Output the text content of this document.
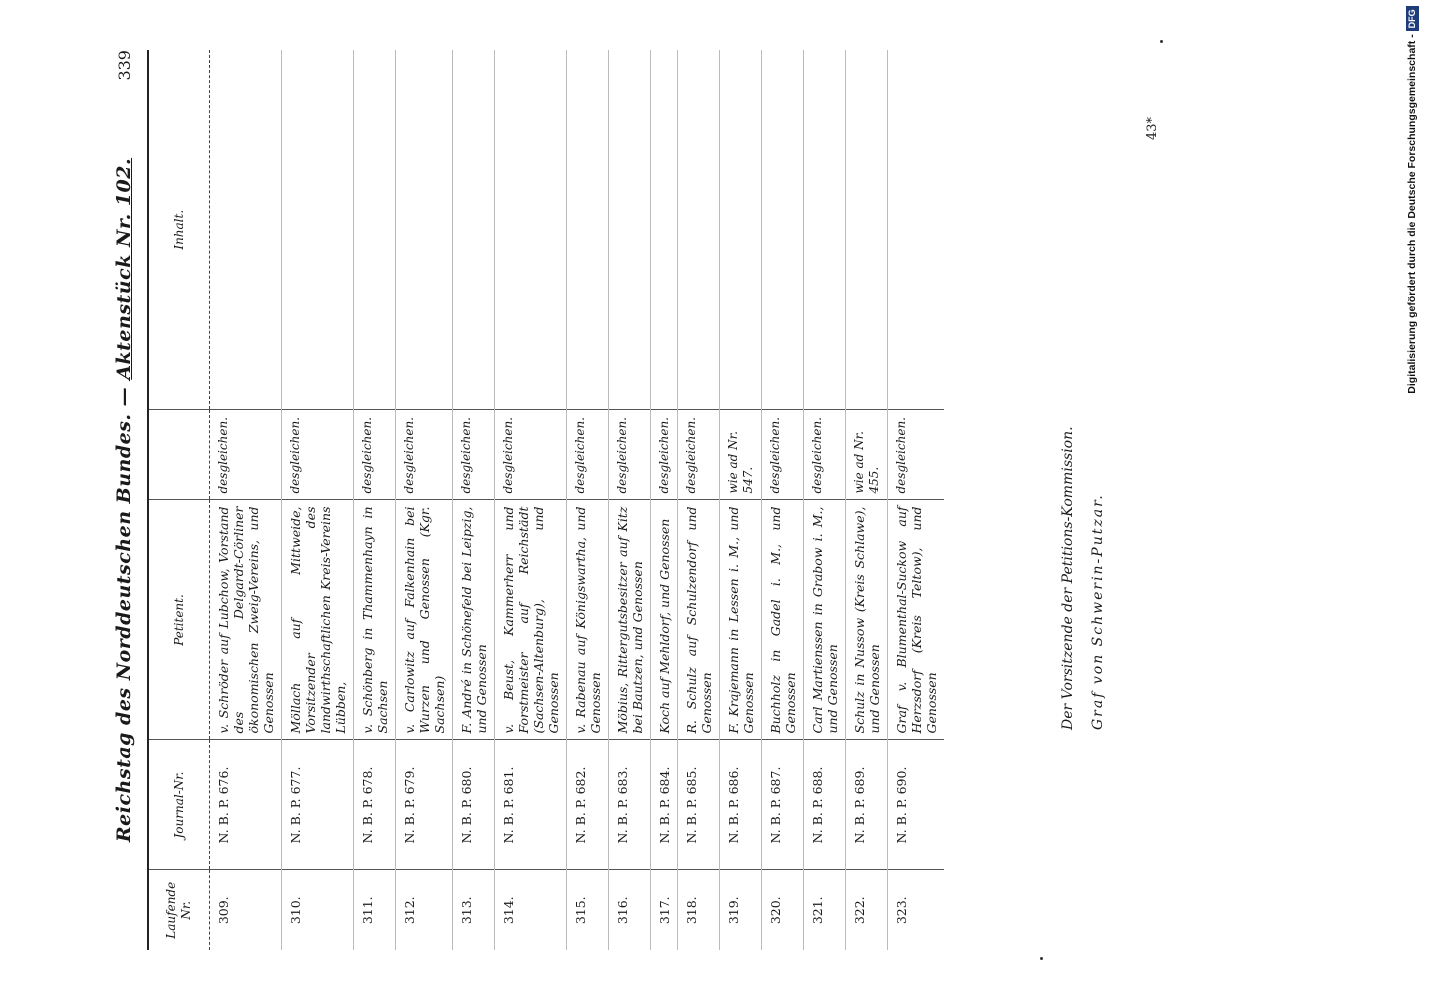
339
Reichstag des Norddeutschen Bundes. — Aktenstück Nr. 102.
Laufende Nr.	Journal-Nr.	Petitent.		Inhalt.
309.	N. B. P. 676.	v. Schröder auf Lubchow, Vorstand des Delgardt-Cörliner ökonomischen Zweig-Vereins, und Genossen	desgleichen.	
310.	N. B. P. 677.	Möllach auf Mittweide, Vorsitzender des landwirthschaftlichen Kreis-Vereins Lübben,	desgleichen.	
311.	N. B. P. 678.	v. Schönberg in Thammenhayn in Sachsen	desgleichen.	
312.	N. B. P. 679.	v. Carlowitz auf Falkenhain bei Wurzen und Genossen (Kgr. Sachsen)	desgleichen.	
313.	N. B. P. 680.	F. André in Schönefeld bei Leipzig, und Genossen	desgleichen.	
314.	N. B. P. 681.	v. Beust, Kammerherr und Forstmeister auf Reichstädt (Sachsen-Altenburg), und Genossen	desgleichen.	
315.	N. B. P. 682.	v. Rabenau auf Königswartha, und Genossen	desgleichen.	
316.	N. B. P. 683.	Möbius, Rittergutsbesitzer auf Kitz bei Bautzen, und Genossen	desgleichen.	
317.	N. B. P. 684.	Koch auf Mehldorf, und Genossen	desgleichen.	
318.	N. B. P. 685.	R. Schulz auf Schulzendorf und Genossen	desgleichen.	
319.	N. B. P. 686.	F. Krajemann in Lessen i. M., und Genossen	wie ad Nr. 547.	
320.	N. B. P. 687.	Buchholz in Gadel i. M., und Genossen	desgleichen.	
321.	N. B. P. 688.	Carl Martienssen in Grabow i. M., und Genossen	desgleichen.	
322.	N. B. P. 689.	Schulz in Nussow (Kreis Schlawe), und Genossen	wie ad Nr. 455.	
323.	N. B. P. 690.	Graf v. Blumenthal-Suckow auf Herzsdorf (Kreis Teltow), und Genossen	desgleichen.		Der Vorsitzende der Petitions-Kommission.	Graf von Schwerin-Putzar.
43*	Digitalisierung gefördert durch die Deutsche Forschungsgemeinschaft -DFG
